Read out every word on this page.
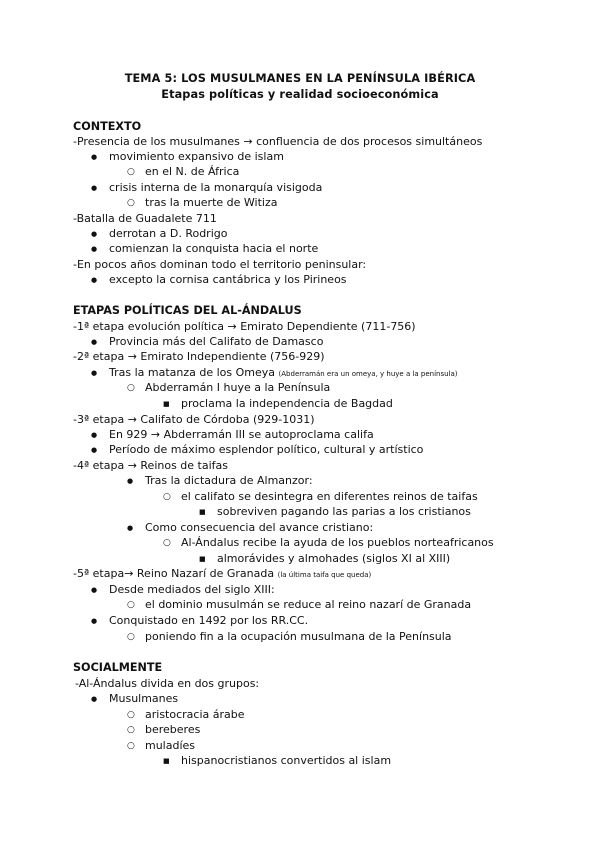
TEMA 5: LOS MUSULMANES EN LA PENÍNSULA IBÉRICA
Etapas políticas y realidad socioeconómica
CONTEXTO
-Presencia de los musulmanes → confluencia de dos procesos simultáneos
●
movimiento expansivo de islam
○
en el N. de África
●
crisis interna de la monarquía visigoda
○
tras la muerte de Witiza
-Batalla de Guadalete 711
●
derrotan a D. Rodrigo
●
comienzan la conquista hacia el norte
-En pocos años dominan todo el territorio peninsular:
●
excepto la cornisa cantábrica y los Pirineos
ETAPAS POLÍTICAS DEL AL-ÁNDALUS
-1ª etapa evolución política → Emirato Dependiente (711-756)
●
Provincia más del Califato de Damasco
-2ª etapa → Emirato Independiente (756-929)
●
Tras la matanza de los Omeya (Abderramán era un omeya, y huye a la península)
○
Abderramán I huye a la Península
■
proclama la independencia de Bagdad
-3ª etapa → Califato de Córdoba (929-1031)
●
En 929 → Abderramán III se autoproclama califa
●
Período de máximo esplendor político, cultural y artístico
-4ª etapa → Reinos de taifas
●
Tras la dictadura de Almanzor:
○
el califato se desintegra en diferentes reinos de taifas
■
sobreviven pagando las parias a los cristianos
●
Como consecuencia del avance cristiano:
○
Al-Ándalus recibe la ayuda de los pueblos norteafricanos
■
almorávides y almohades (siglos XI al XIII)
-5ª etapa→ Reino Nazarí de Granada (la última taifa que queda)
●
Desde mediados del siglo XIII:
○
el dominio musulmán se reduce al reino nazarí de Granada
●
Conquistado en 1492 por los RR.CC.
○
poniendo fin a la ocupación musulmana de la Península
SOCIALMENTE
-Al-Ándalus divida en dos grupos:
●
Musulmanes
○
aristocracia árabe
○
bereberes
○
muladíes
■
hispanocristianos convertidos al islam
